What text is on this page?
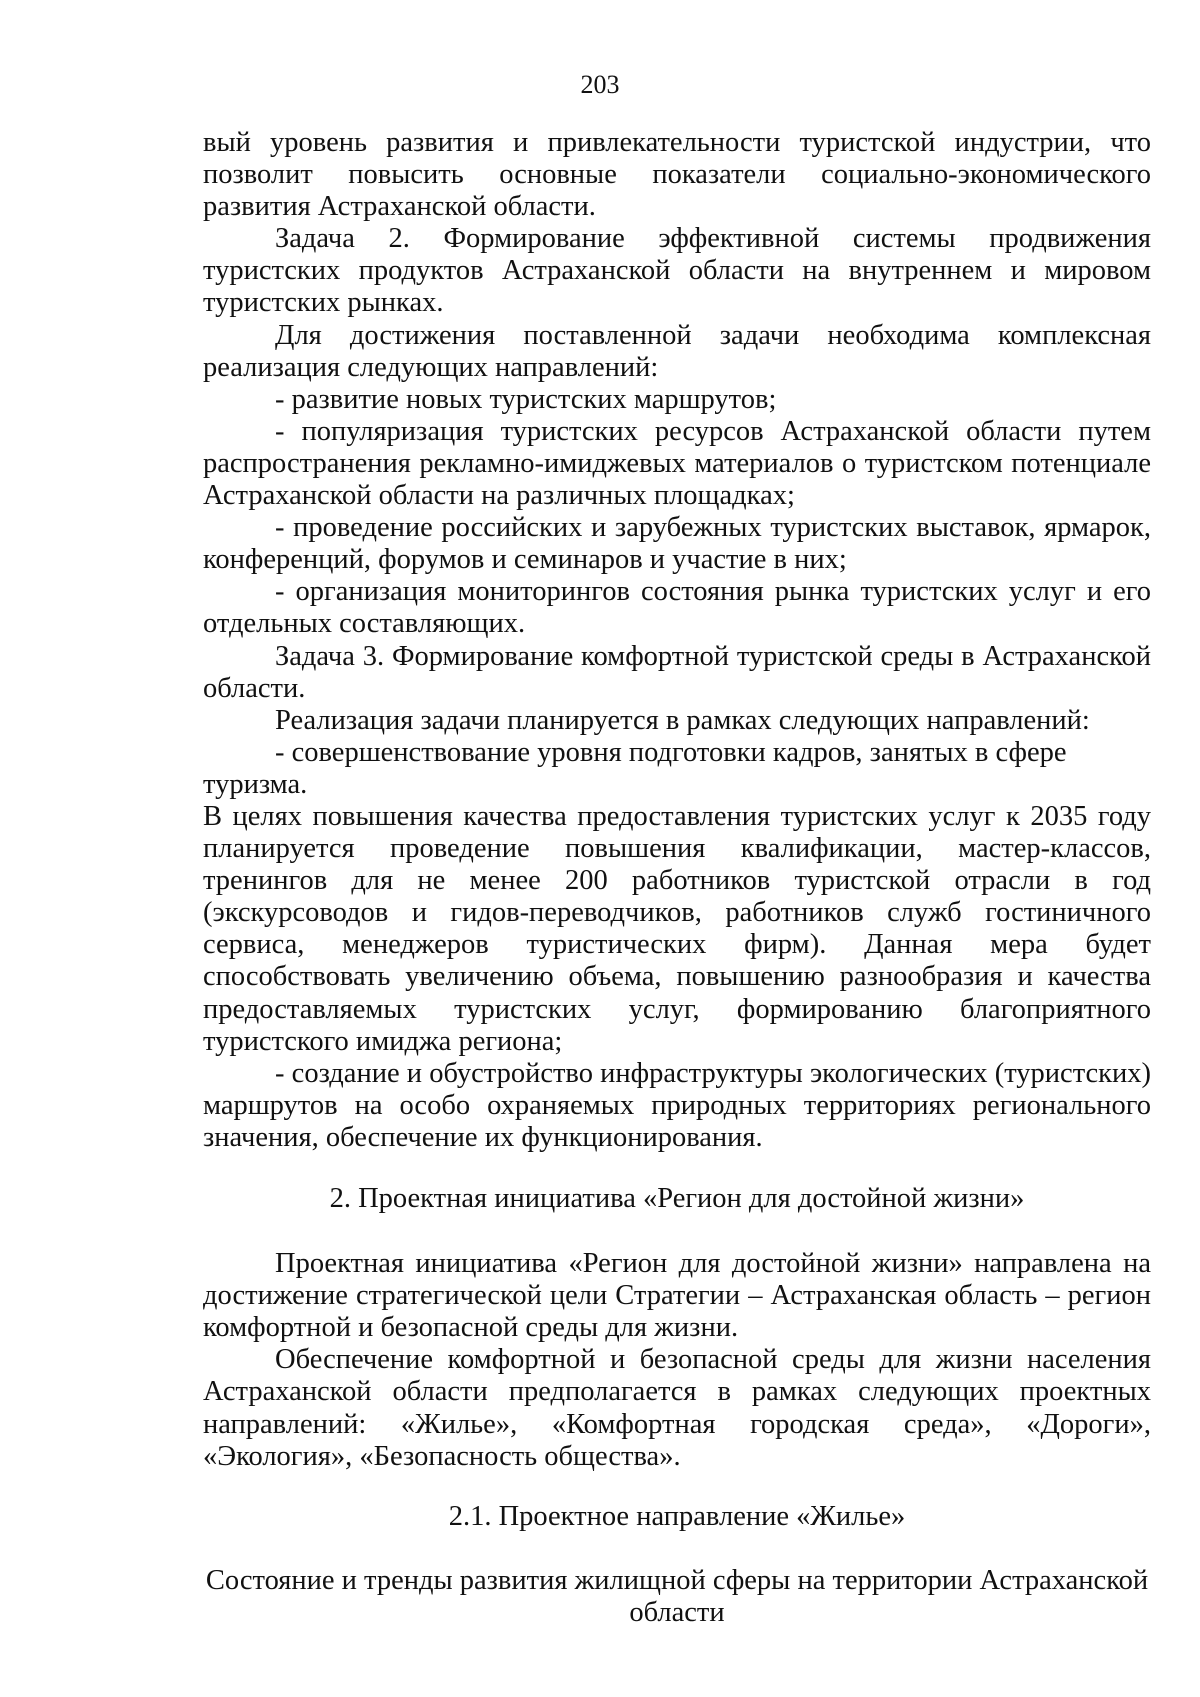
203

вый уровень развития и привлекательности туристской индустрии, что позволит повысить основные показатели социально-экономического развития Астраханской области.

Задача 2. Формирование эффективной системы продвижения туристских продуктов Астраханской области на внутреннем и мировом туристских рынках.

Для достижения поставленной задачи необходима комплексная реализация следующих направлений:

- развитие новых туристских маршрутов;

- популяризация туристских ресурсов Астраханской области путем распространения рекламно-имиджевых материалов о туристском потенциале Астраханской области на различных площадках;

- проведение российских и зарубежных туристских выставок, ярмарок, конференций, форумов и семинаров и участие в них;

- организация мониторингов состояния рынка туристских услуг и его отдельных составляющих.

Задача 3. Формирование комфортной туристской среды в Астраханской области.

Реализация задачи планируется в рамках следующих направлений:

- совершенствование уровня подготовки кадров, занятых в сфере туризма.

В целях повышения качества предоставления туристских услуг к 2035 году планируется проведение повышения квалификации, мастер-классов, тренингов для не менее 200 работников туристской отрасли в год (экскурсоводов и гидов-переводчиков, работников служб гостиничного сервиса, менеджеров туристических фирм). Данная мера будет способствовать увеличению объема, повышению разнообразия и качества предоставляемых туристских услуг, формированию благоприятного туристского имиджа региона;

- создание и обустройство инфраструктуры экологических (туристских) маршрутов на особо охраняемых природных территориях регионального значения, обеспечение их функционирования.

2. Проектная инициатива «Регион для достойной жизни»

Проектная инициатива «Регион для достойной жизни» направлена на достижение стратегической цели Стратегии – Астраханская область – регион комфортной и безопасной среды для жизни.

Обеспечение комфортной и безопасной среды для жизни населения Астраханской области предполагается в рамках следующих проектных направлений: «Жилье», «Комфортная городская среда», «Дороги», «Экология», «Безопасность общества».

2.1. Проектное направление «Жилье»
Состояние и тренды развития жилищной сферы на территории Астраханской области
